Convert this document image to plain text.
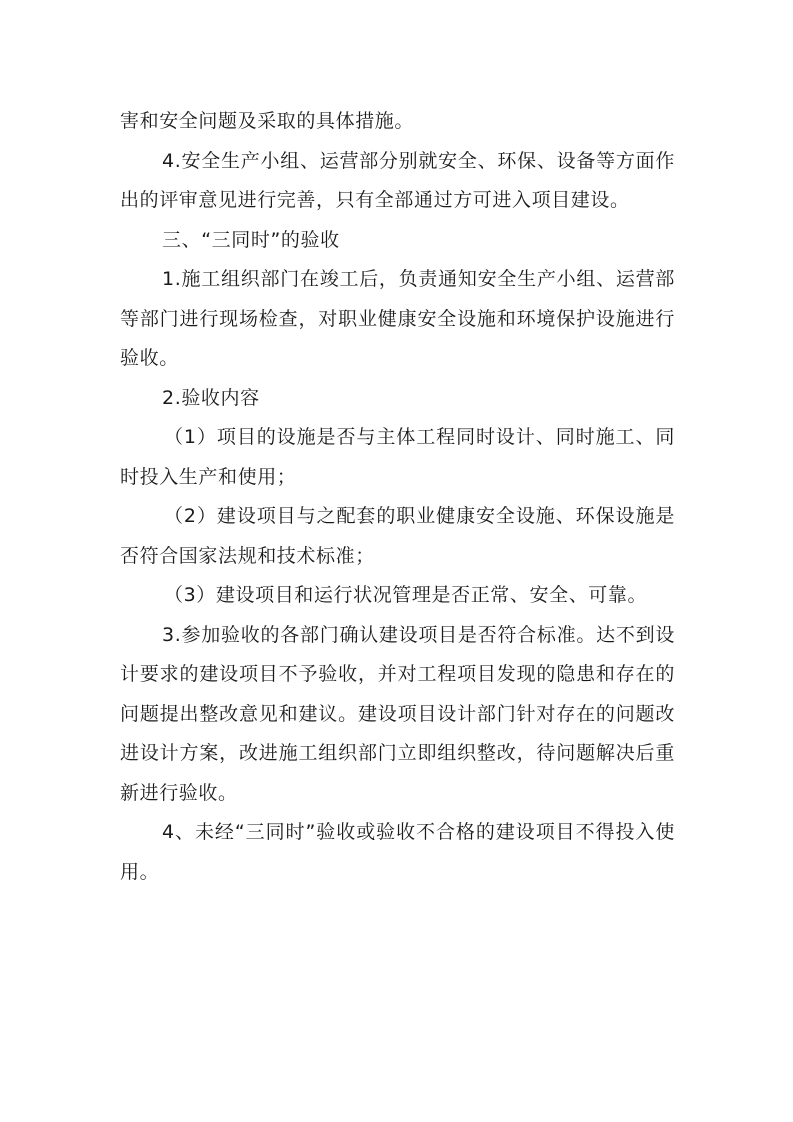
害和安全问题及采取的具体措施。

4.安全生产小组、运营部分别就安全、环保、设备等方面作出的评审意见进行完善，只有全部通过方可进入项目建设。

三、“三同时”的验收

1.施工组织部门在竣工后，负责通知安全生产小组、运营部等部门进行现场检查，对职业健康安全设施和环境保护设施进行验收。

2.验收内容

（1）项目的设施是否与主体工程同时设计、同时施工、同时投入生产和使用；

（2）建设项目与之配套的职业健康安全设施、环保设施是否符合国家法规和技术标准；

（3）建设项目和运行状况管理是否正常、安全、可靠。

3.参加验收的各部门确认建设项目是否符合标准。达不到设计要求的建设项目不予验收，并对工程项目发现的隐患和存在的问题提出整改意见和建议。建设项目设计部门针对存在的问题改进设计方案，改进施工组织部门立即组织整改，待问题解决后重新进行验收。

4、未经“三同时”验收或验收不合格的建设项目不得投入使用。
